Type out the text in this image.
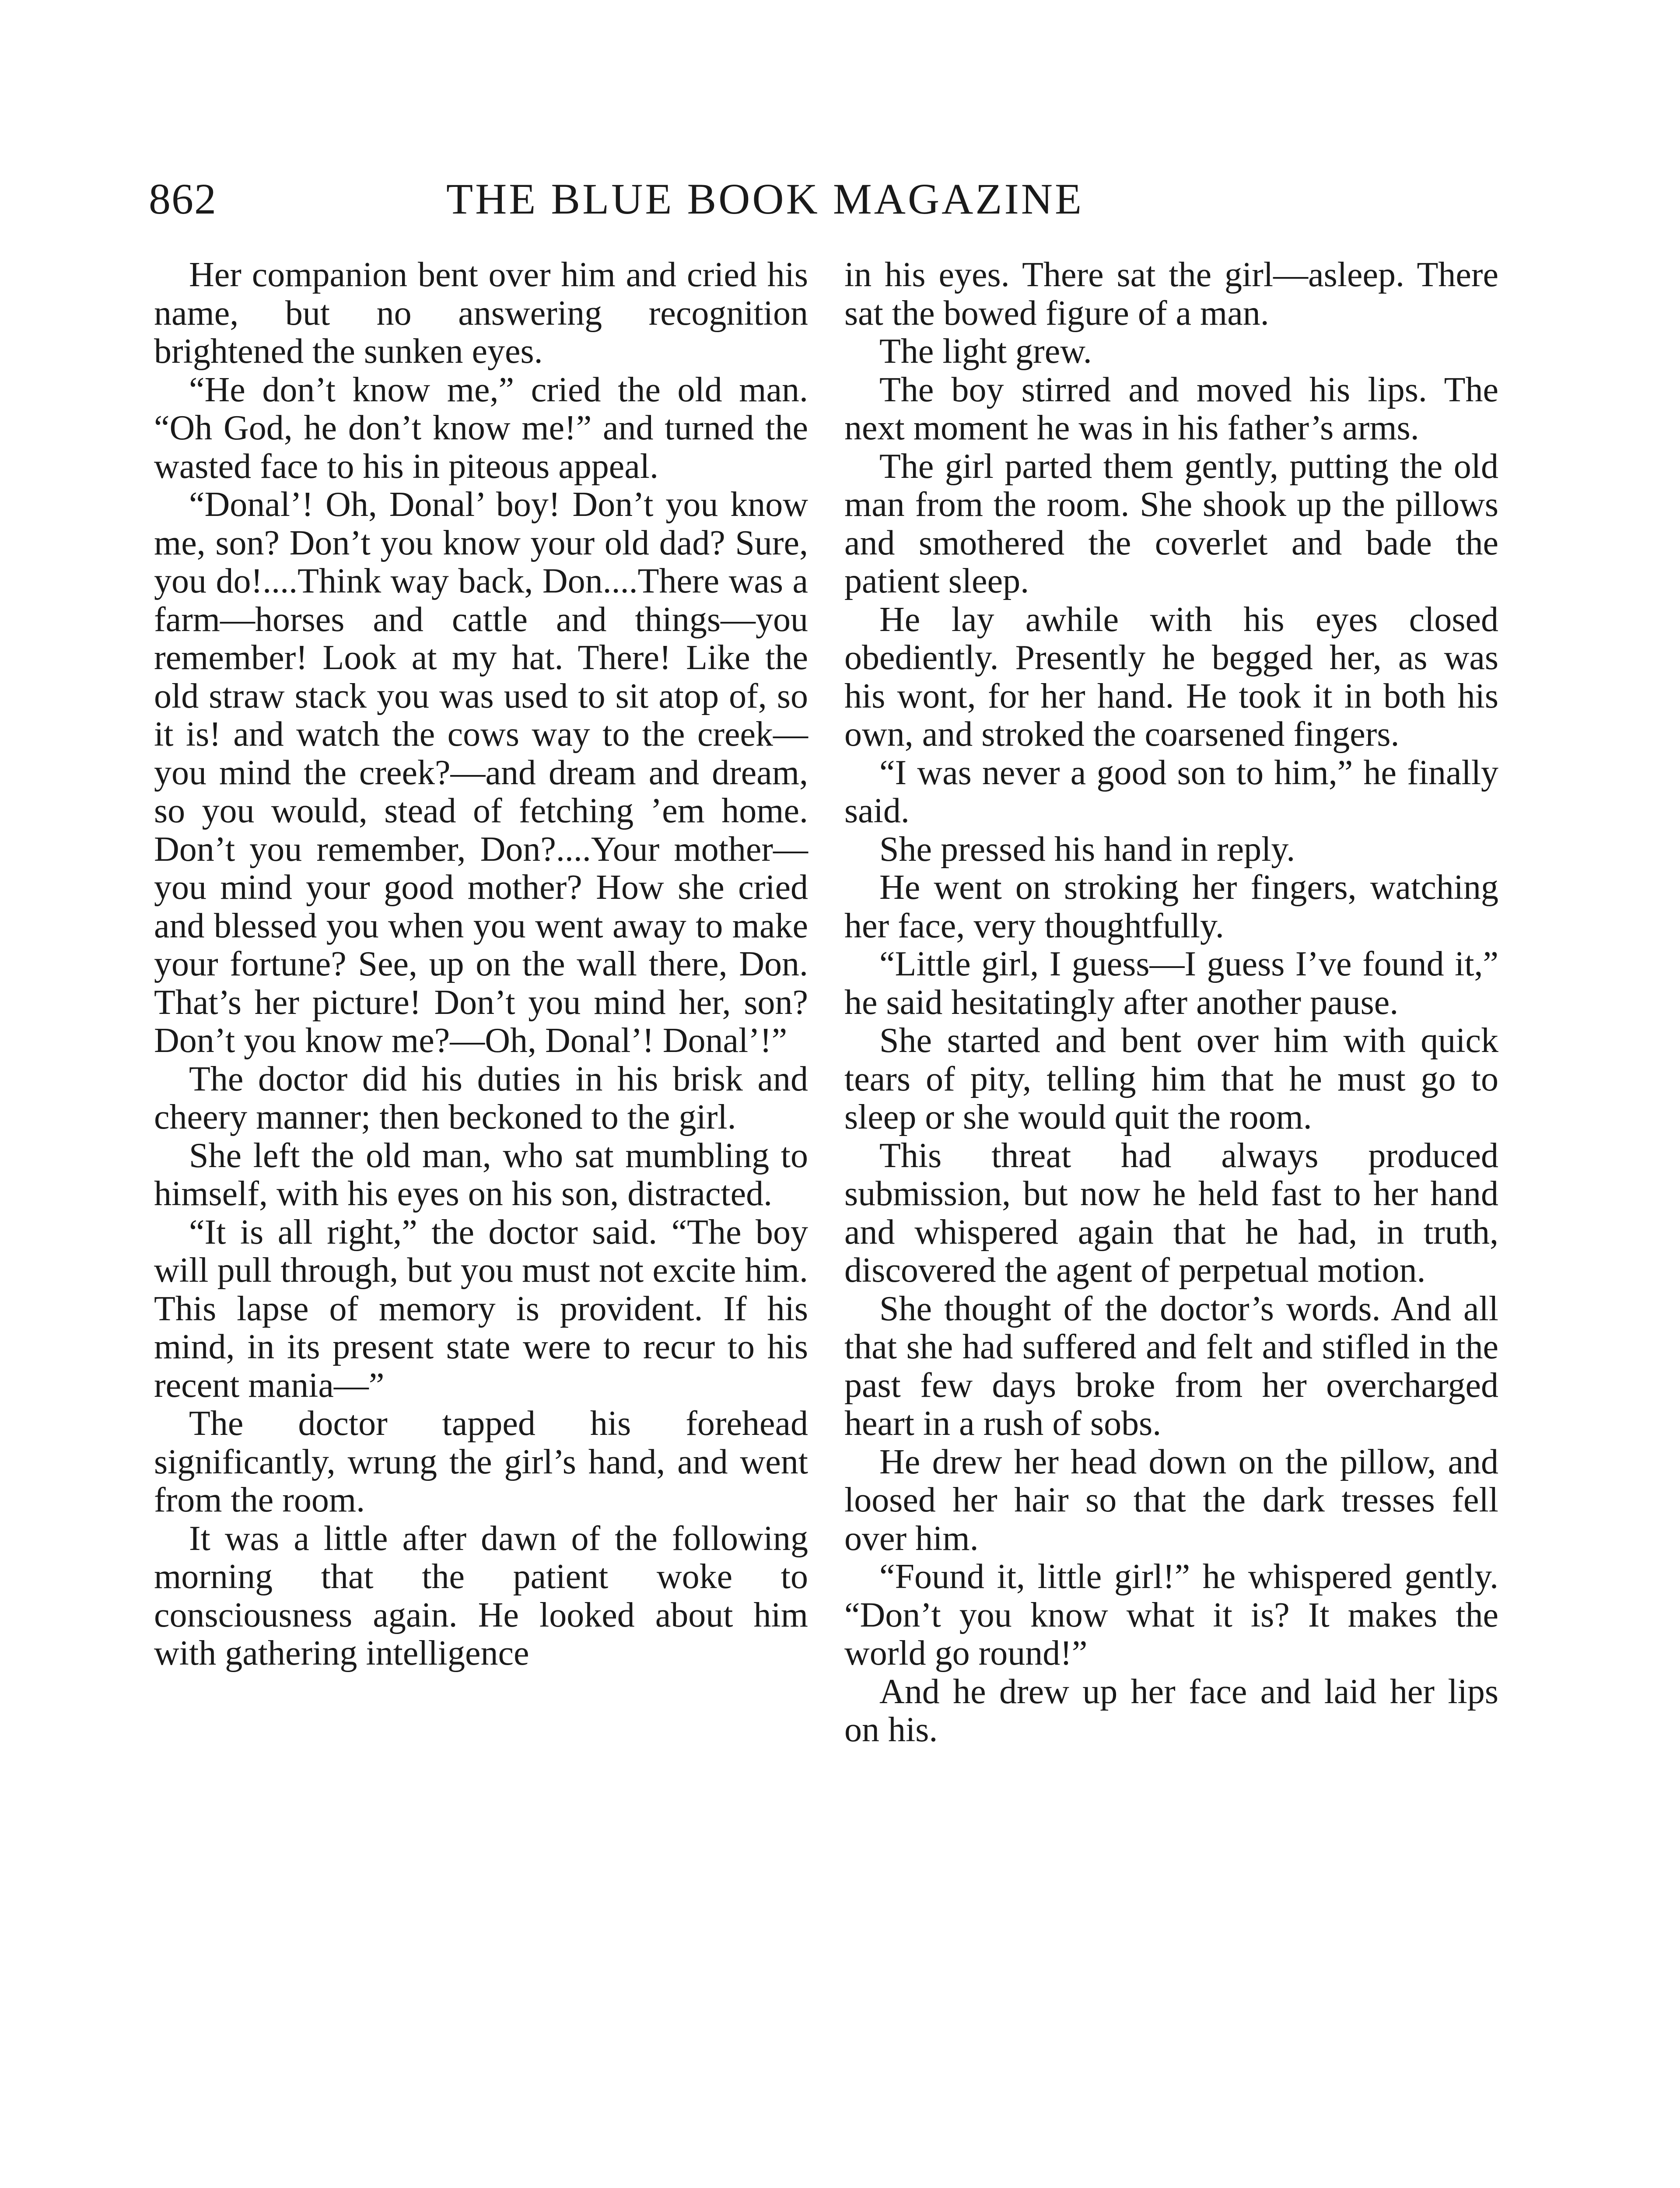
862	THE BLUE BOOK MAGAZINE

Her companion bent over him and cried his name, but no answering recognition brightened the sunken eyes.

“He don’t know me,” cried the old man. “Oh God, he don’t know me!” and turned the wasted face to his in piteous appeal.

“Donal’! Oh, Donal’ boy! Don’t you know me, son? Don’t you know your old dad? Sure, you do!....Think way back, Don....There was a farm—horses and cattle and things—you remember! Look at my hat. There! Like the old straw stack you was used to sit atop of, so it is! and watch the cows way to the creek—you mind the creek?—and dream and dream, so you would, stead of fetching ’em home. Don’t you remember, Don?....Your mother—you mind your good mother? How she cried and blessed you when you went away to make your fortune? See, up on the wall there, Don. That’s her picture! Don’t you mind her, son? Don’t you know me?—Oh, Donal’! Donal’!”

The doctor did his duties in his brisk and cheery manner; then beckoned to the girl.

She left the old man, who sat mumbling to himself, with his eyes on his son, distracted.

“It is all right,” the doctor said. “The boy will pull through, but you must not excite him. This lapse of memory is provident. If his mind, in its present state were to recur to his recent mania—”

The doctor tapped his forehead significantly, wrung the girl’s hand, and went from the room.

It was a little after dawn of the following morning that the patient woke to consciousness again. He looked about him with gathering intelligence

in his eyes. There sat the girl—asleep. There sat the bowed figure of a man.

The light grew.

The boy stirred and moved his lips. The next moment he was in his father’s arms.

The girl parted them gently, putting the old man from the room. She shook up the pillows and smothered the coverlet and bade the patient sleep.

He lay awhile with his eyes closed obediently. Presently he begged her, as was his wont, for her hand. He took it in both his own, and stroked the coarsened fingers.

“I was never a good son to him,” he finally said.

She pressed his hand in reply.

He went on stroking her fingers, watching her face, very thoughtfully.

“Little girl, I guess—I guess I’ve found it,” he said hesitatingly after another pause.

She started and bent over him with quick tears of pity, telling him that he must go to sleep or she would quit the room.

This threat had always produced submission, but now he held fast to her hand and whispered again that he had, in truth, discovered the agent of perpetual motion.

She thought of the doctor’s words. And all that she had suffered and felt and stifled in the past few days broke from her overcharged heart in a rush of sobs.

He drew her head down on the pillow, and loosed her hair so that the dark tresses fell over him.

“Found it, little girl!” he whispered gently. “Don’t you know what it is? It makes the world go round!”

And he drew up her face and laid her lips on his.
